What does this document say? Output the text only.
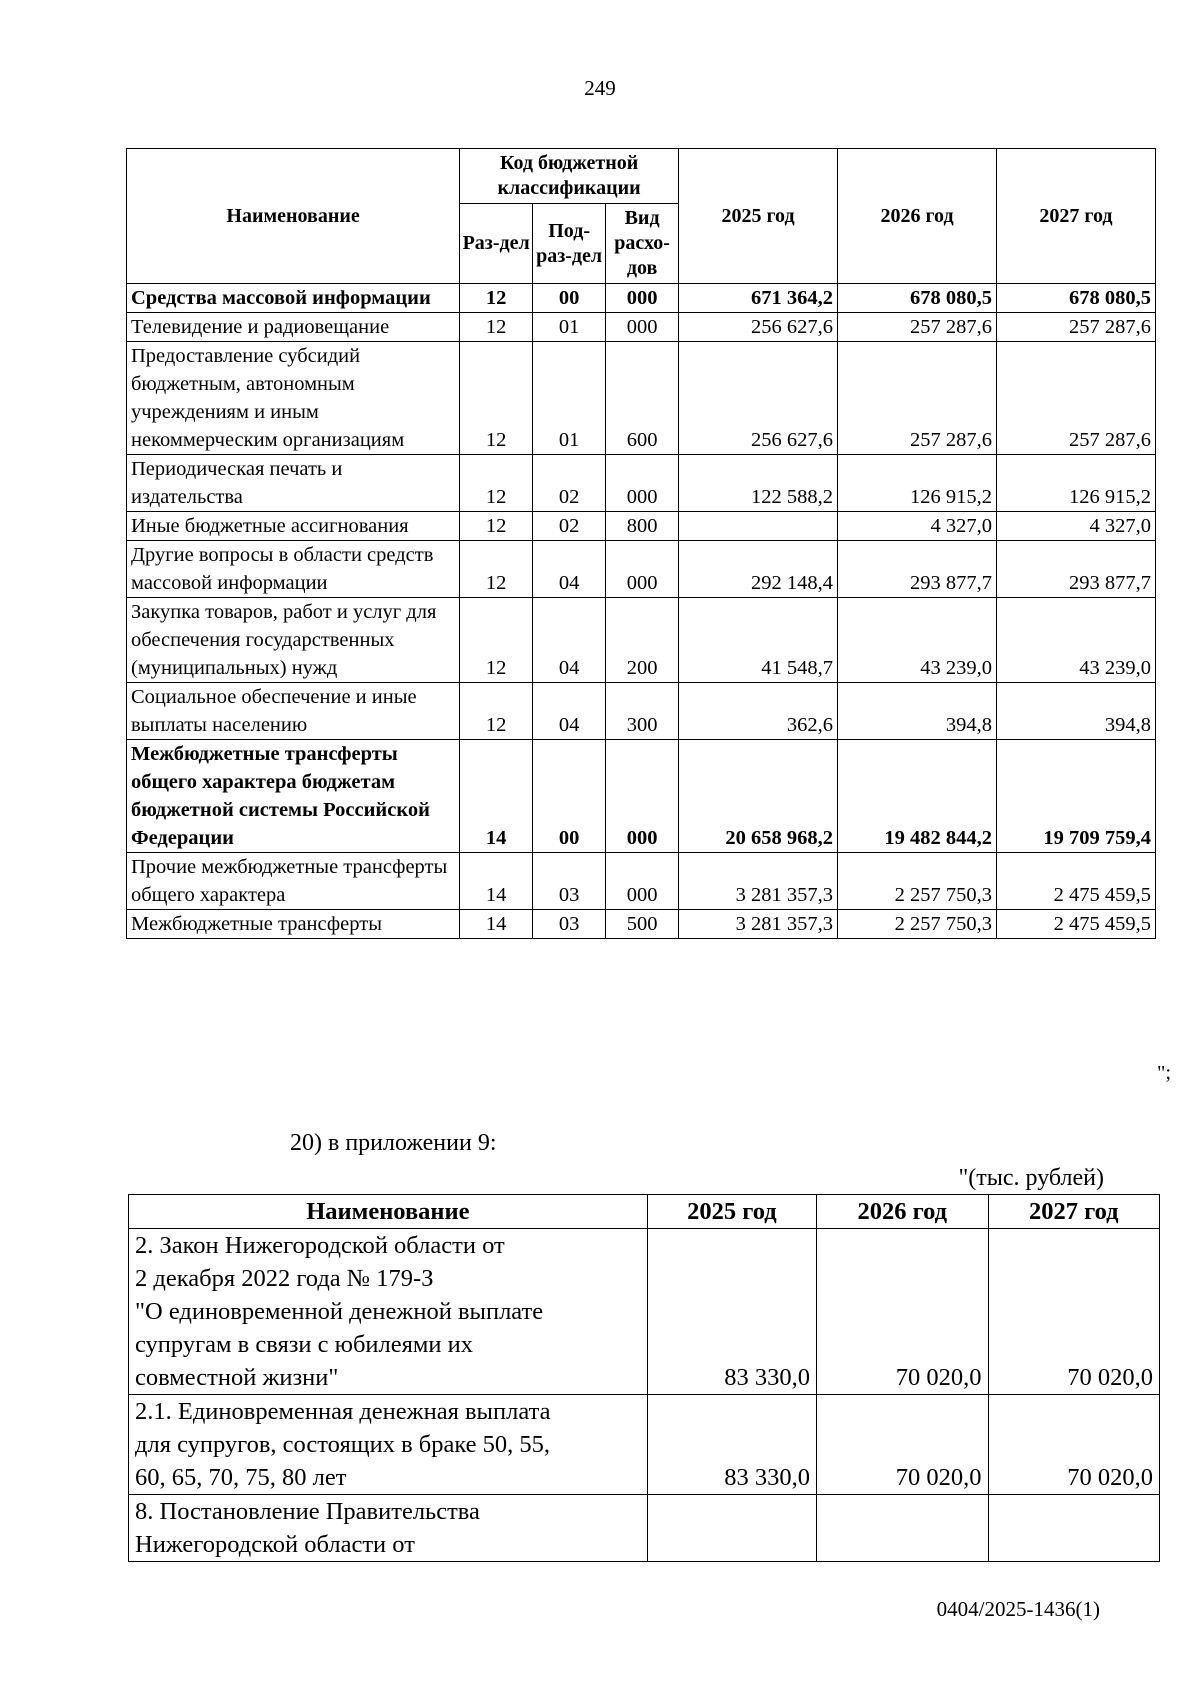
249
Наименование	Код бюджетной классификации			2025 год	2026 год	2027 год
	Раз-дел	Под-раз-дел	Вид расхо-дов			
Средства массовой информации	12	00	000	671 364,2	678 080,5	678 080,5
Телевидение и радиовещание	12	01	000	256 627,6	257 287,6	257 287,6
Предоставление субсидий бюджетным, автономным учреждениям и иным некоммерческим организациям	12	01	600	256 627,6	257 287,6	257 287,6
Периодическая печать и издательства	12	02	000	122 588,2	126 915,2	126 915,2
Иные бюджетные ассигнования	12	02	800		4 327,0	4 327,0
Другие вопросы в области средств массовой информации	12	04	000	292 148,4	293 877,7	293 877,7
Закупка товаров, работ и услуг для обеспечения государственных (муниципальных) нужд	12	04	200	41 548,7	43 239,0	43 239,0
Социальное обеспечение и иные выплаты населению	12	04	300	362,6	394,8	394,8
Межбюджетные трансферты общего характера бюджетам бюджетной системы Российской Федерации	14	00	000	20 658 968,2	19 482 844,2	19 709 759,4
Прочие межбюджетные трансферты общего характера	14	03	000	3 281 357,3	2 257 750,3	2 475 459,5
Межбюджетные трансферты	14	03	500	3 281 357,3	2 257 750,3	2 475 459,5
";
20) в приложении 9:
"(тыс. рублей)
Наименование	2025 год	2026 год	2027 год

2. Закон Нижегородской области от
2 декабря 2022 года № 179-З
"О единовременной денежной выплате
супругам в связи с юбилеями их
совместной жизни"	83 330,0	70 020,0	70 020,0

2.1. Единовременная денежная выплата
для супругов, состоящих в браке 50, 55,
60, 65, 70, 75, 80 лет	83 330,0	70 020,0	70 020,0

8. Постановление Правительства
Нижегородской области от			

0404/2025-1436(1)
